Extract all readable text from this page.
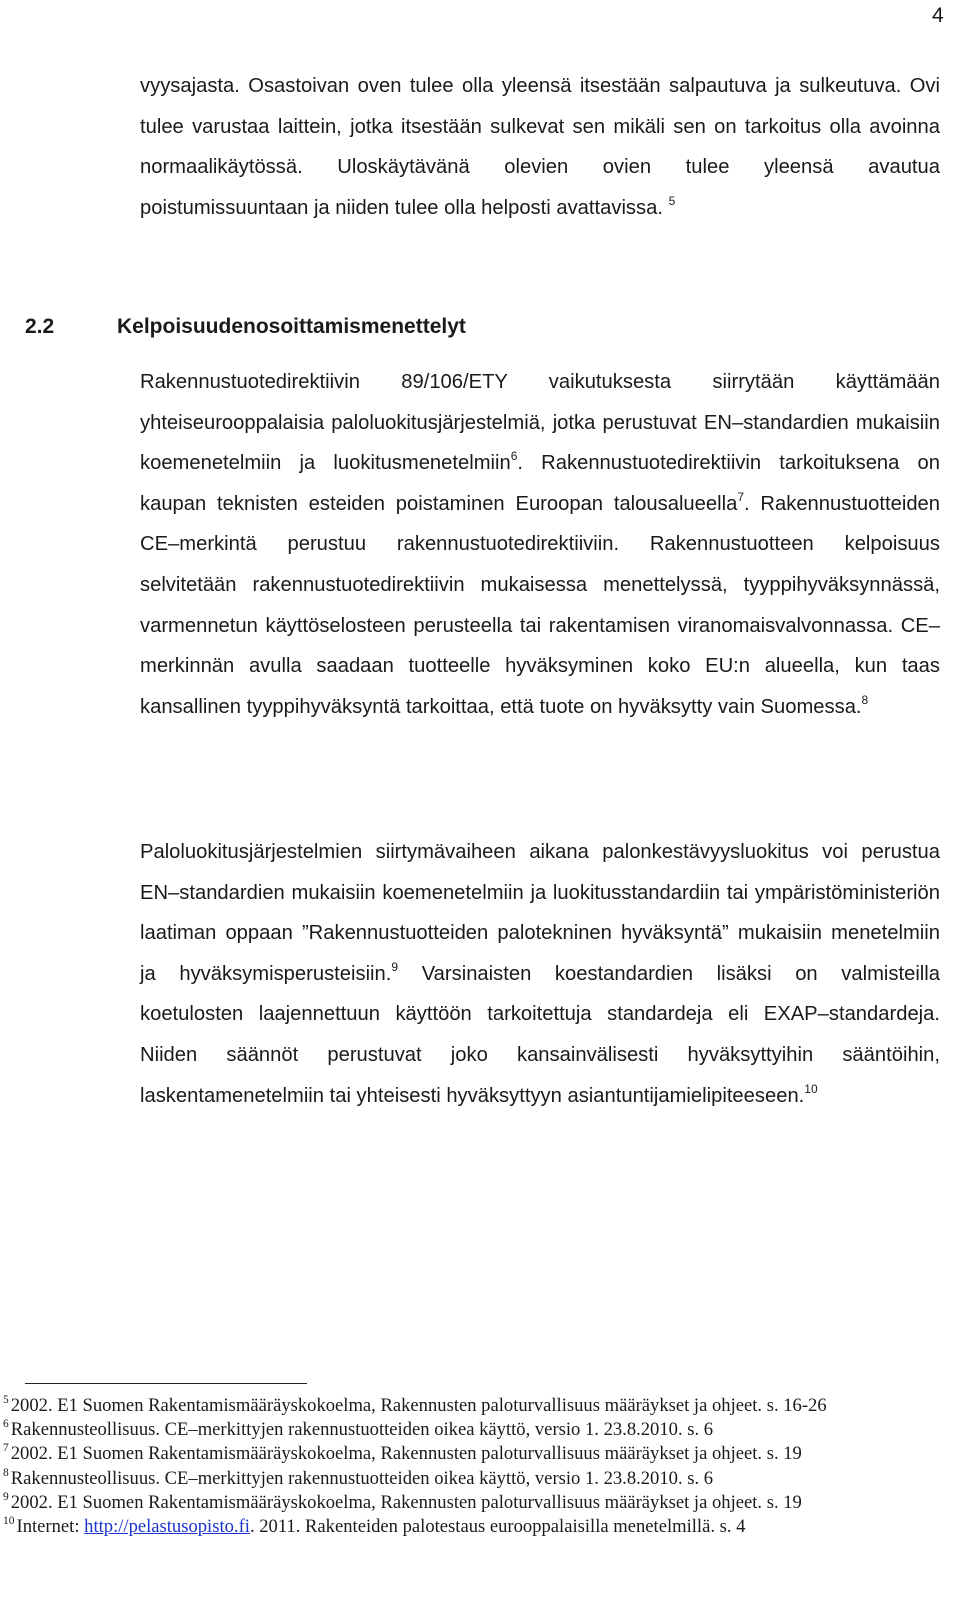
4

vyysajasta. Osastoivan oven tulee olla yleensä itsestään salpautuva ja sulkeutuva. Ovi tulee varustaa laittein, jotka itsestään sulkevat sen mikäli sen on tarkoitus olla avoinna normaalikäytössä. Uloskäytävänä olevien ovien tulee yleensä avautua poistumissuuntaan ja niiden tulee olla helposti avattavissa. $^5$

2.2	Kelpoisuudenosoittamismenettelyt

Rakennustuotedirektiivin 89/106/ETY vaikutuksesta siirrytään käyttämään yhteiseurooppalaisia paloluokitusjärjestelmiä, jotka perustuvat EN–standardien mukaisiin koemenetelmiin ja luokitusmenetelmiin$^6$. Rakennustuotedirektiivin tarkoituksena on kaupan teknisten esteiden poistaminen Euroopan talousalueella$^7$. Rakennustuotteiden CE–merkintä perustuu rakennustuotedirektiiviin. Rakennustuotteen kelpoisuus selvitetään rakennustuotedirektiivin mukaisessa menettelyssä, tyyppihyväksynnässä, varmennetun käyttöselosteen perusteella tai rakentamisen viranomaisvalvonnassa. CE–merkinnän avulla saadaan tuotteelle hyväksyminen koko EU:n alueella, kun taas kansallinen tyyppihyväksyntä tarkoittaa, että tuote on hyväksytty vain Suomessa.$^8$

Paloluokitusjärjestelmien siirtymävaiheen aikana palonkestävyysluokitus voi perustua EN–standardien mukaisiin koemenetelmiin ja luokitusstandardiin tai ympäristöministeriön laatiman oppaan ”Rakennustuotteiden palotekninen hyväksyntä” mukaisiin menetelmiin ja hyväksymisperusteisiin.$^9$ Varsinaisten koestandardien lisäksi on valmisteilla koetulosten laajennettuun käyttöön tarkoitettuja standardeja eli EXAP–standardeja. Niiden säännöt perustuvat joko kansainvälisesti hyväksyttyihin sääntöihin, laskentamenetelmiin tai yhteisesti hyväksyttyyn asiantuntijamielipiteeseen.$^{10}$

$^5$ 2002. E1 Suomen Rakentamismääräyskokoelma, Rakennusten paloturvallisuus määräykset ja ohjeet. s. 16-26

$^6$ Rakennusteollisuus. CE–merkittyjen rakennustuotteiden oikea käyttö, versio 1. 23.8.2010. s. 6

$^7$ 2002. E1 Suomen Rakentamismääräyskokoelma, Rakennusten paloturvallisuus määräykset ja ohjeet. s. 19

$^8$ Rakennusteollisuus. CE–merkittyjen rakennustuotteiden oikea käyttö, versio 1. 23.8.2010. s. 6

$^9$ 2002. E1 Suomen Rakentamismääräyskokoelma, Rakennusten paloturvallisuus määräykset ja ohjeet. s. 19

$^{10}$ Internet: http://pelastusopisto.fi. 2011. Rakenteiden palotestaus eurooppalaisilla menetelmillä. s. 4
